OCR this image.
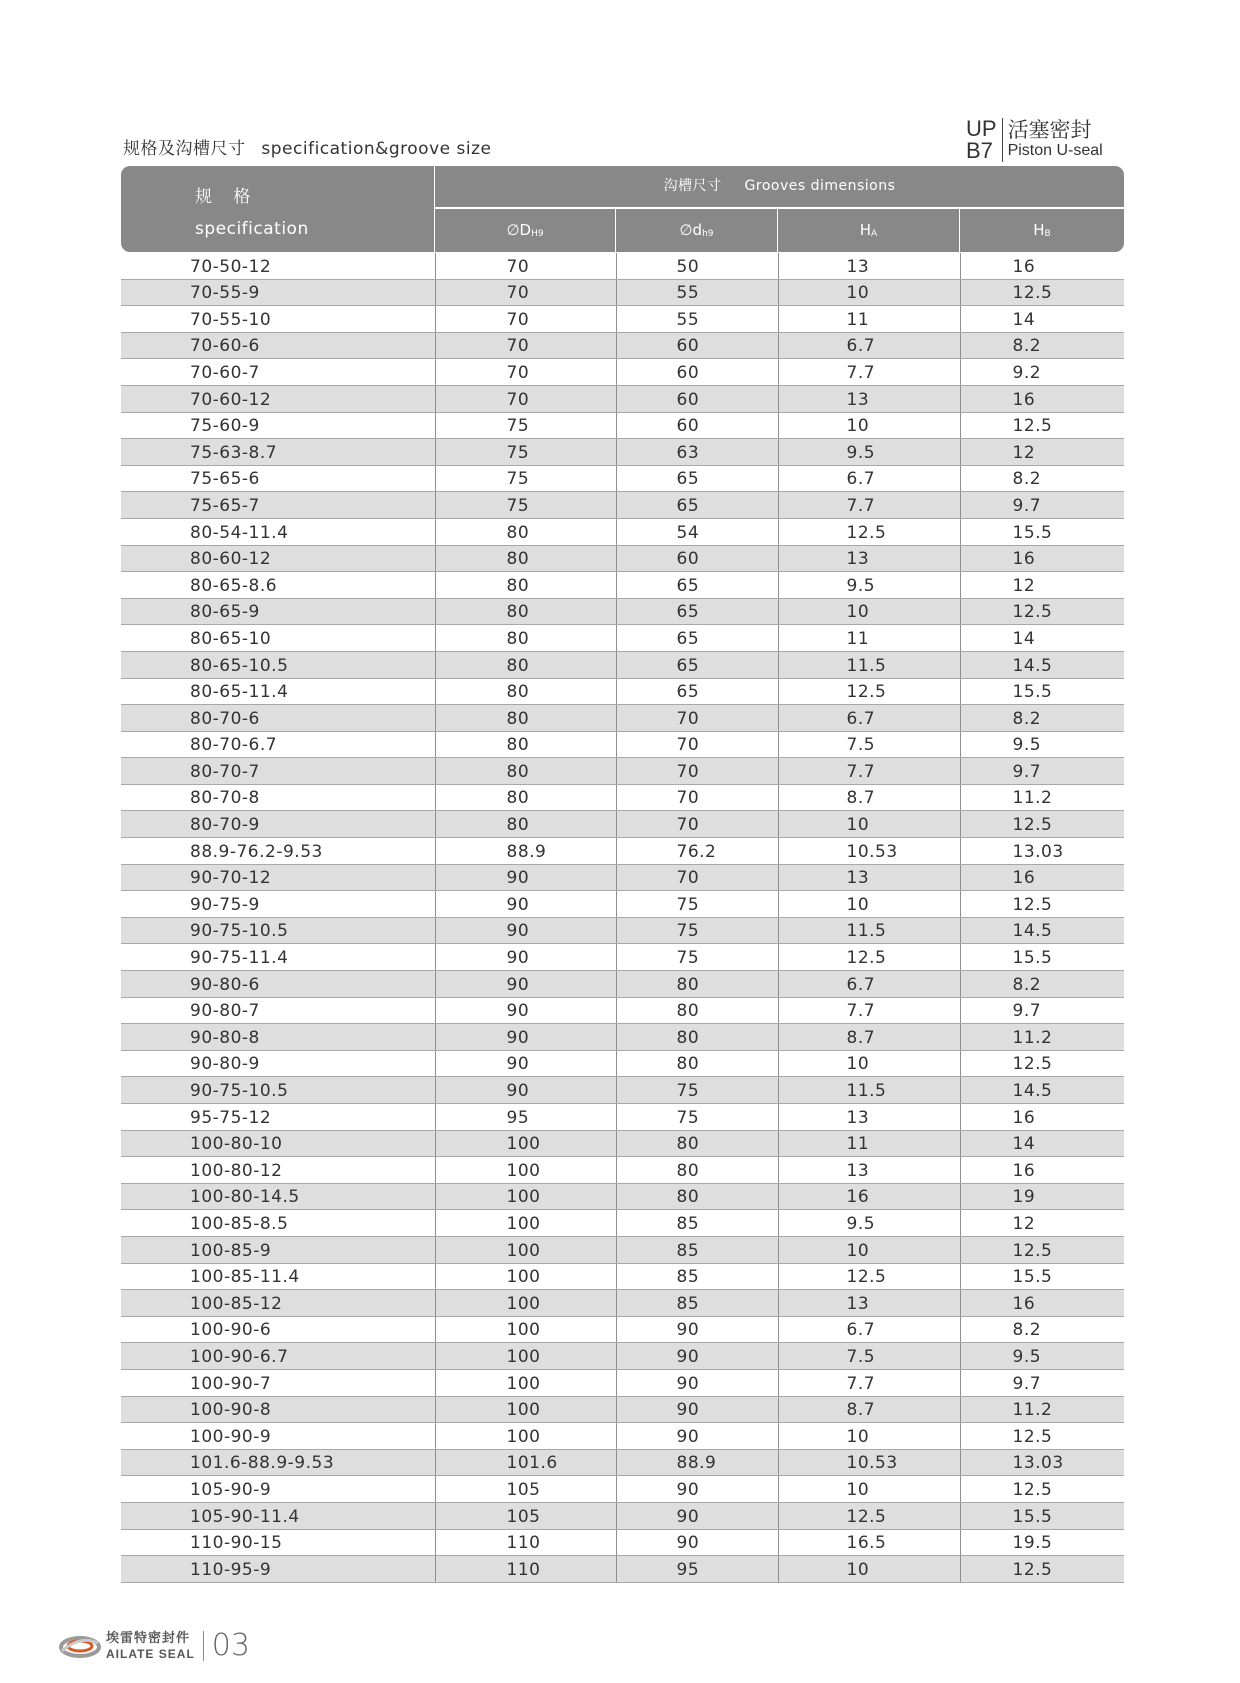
规格及沟槽尺寸 specification&groove size
UP
B7
活塞密封
Piston U-seal
规 格
specification
沟槽尺寸 Grooves dimensions
$\emptyset D_{H9}$	$\emptyset d_{h9}$	$H_A$	$H_B$
70-50-12	70	50	13	16
70-55-9	70	55	10	12.5
70-55-10	70	55	11	14
70-60-6	70	60	6.7	8.2
70-60-7	70	60	7.7	9.2
70-60-12	70	60	13	16
75-60-9	75	60	10	12.5
75-63-8.7	75	63	9.5	12
75-65-6	75	65	6.7	8.2
75-65-7	75	65	7.7	9.7
80-54-11.4	80	54	12.5	15.5
80-60-12	80	60	13	16
80-65-8.6	80	65	9.5	12
80-65-9	80	65	10	12.5
80-65-10	80	65	11	14
80-65-10.5	80	65	11.5	14.5
80-65-11.4	80	65	12.5	15.5
80-70-6	80	70	6.7	8.2
80-70-6.7	80	70	7.5	9.5
80-70-7	80	70	7.7	9.7
80-70-8	80	70	8.7	11.2
80-70-9	80	70	10	12.5
88.9-76.2-9.53	88.9	76.2	10.53	13.03
90-70-12	90	70	13	16
90-75-9	90	75	10	12.5
90-75-10.5	90	75	11.5	14.5
90-75-11.4	90	75	12.5	15.5
90-80-6	90	80	6.7	8.2
90-80-7	90	80	7.7	9.7
90-80-8	90	80	8.7	11.2
90-80-9	90	80	10	12.5
90-75-10.5	90	75	11.5	14.5
95-75-12	95	75	13	16
100-80-10	100	80	11	14
100-80-12	100	80	13	16
100-80-14.5	100	80	16	19
100-85-8.5	100	85	9.5	12
100-85-9	100	85	10	12.5
100-85-11.4	100	85	12.5	15.5
100-85-12	100	85	13	16
100-90-6	100	90	6.7	8.2
100-90-6.7	100	90	7.5	9.5
100-90-7	100	90	7.7	9.7
100-90-8	100	90	8.7	11.2
100-90-9	100	90	10	12.5
101.6-88.9-9.53	101.6	88.9	10.53	13.03
105-90-9	105	90	10	12.5
105-90-11.4	105	90	12.5	15.5
110-90-15	110	90	16.5	19.5
110-95-9	110	95	10	12.5
埃雷特密封件
AILATE SEAL 03
